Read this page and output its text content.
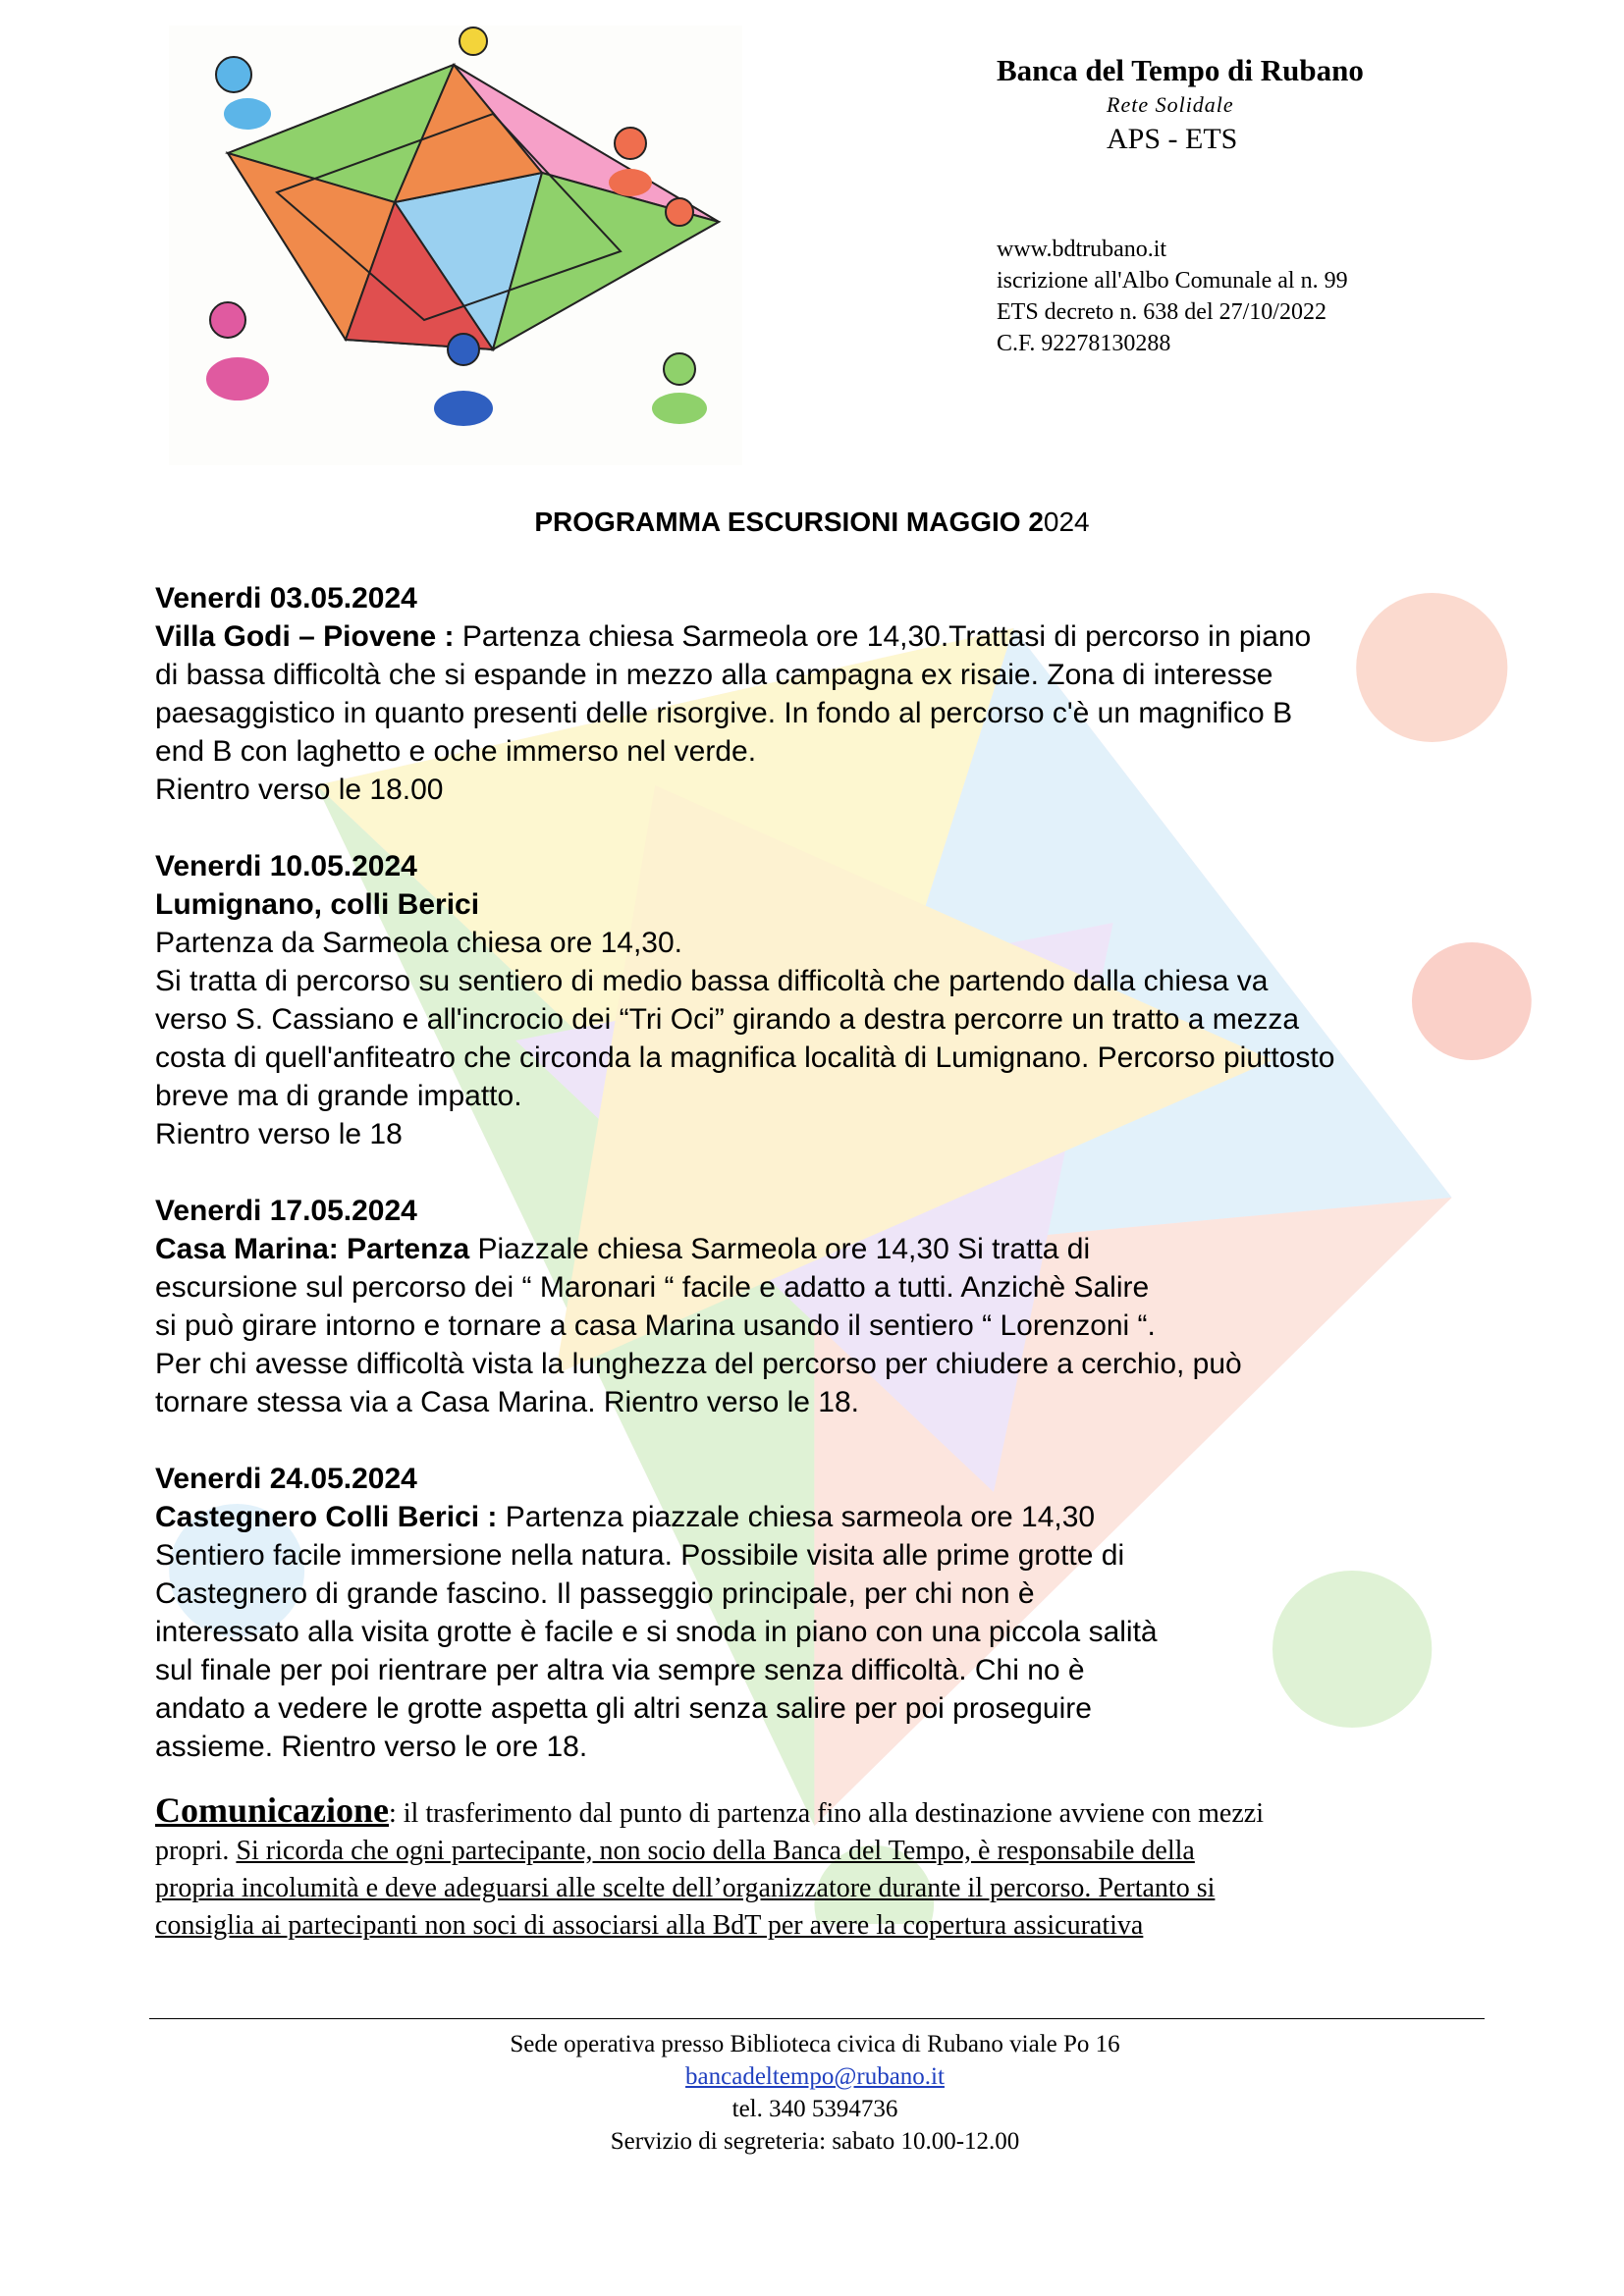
Banca del Tempo di Rubano
Rete Solidale
APS - ETS
www.bdtrubano.it
iscrizione all'Albo Comunale al n. 99
ETS decreto n. 638 del 27/10/2022
C.F. 92278130288
PROGRAMMA ESCURSIONI MAGGIO 2024
Venerdi 03.05.2024
Villa Godi – Piovene : Partenza chiesa Sarmeola ore 14,30.Trattasi di percorso in piano
di bassa difficoltà che si espande in mezzo alla campagna ex risaie. Zona di interesse
paesaggistico in quanto presenti delle risorgive. In fondo al percorso c'è un magnifico B
end B con laghetto e oche immerso nel verde.
Rientro verso le 18.00
Venerdi 10.05.2024
Lumignano, colli Berici
Partenza da Sarmeola chiesa ore 14,30.
Si tratta di percorso su sentiero di medio bassa difficoltà che partendo dalla chiesa va
verso S. Cassiano e all'incrocio dei “Tri Oci” girando a destra percorre un tratto a mezza
costa di quell'anfiteatro che circonda la magnifica località di Lumignano. Percorso piuttosto
breve ma di grande impatto.
Rientro verso le 18
Venerdi 17.05.2024
Casa Marina: Partenza Piazzale chiesa Sarmeola ore 14,30 Si tratta di
escursione sul percorso dei “ Maronari “ facile e adatto a tutti. Anzichè Salire
si può girare intorno e tornare a casa Marina usando il sentiero “ Lorenzoni “.
Per chi avesse difficoltà vista la lunghezza del percorso per chiudere a cerchio, può
tornare stessa via a Casa Marina. Rientro verso le 18.
Venerdi 24.05.2024
Castegnero Colli Berici : Partenza piazzale chiesa sarmeola ore 14,30
Sentiero facile immersione nella natura. Possibile visita alle prime grotte di
Castegnero di grande fascino. Il passeggio principale, per chi non è
interessato alla visita grotte è facile e si snoda in piano con una piccola salità
sul finale per poi rientrare per altra via sempre senza difficoltà. Chi no è
andato a vedere le grotte aspetta gli altri senza salire per poi proseguire
assieme. Rientro verso le ore 18.
Comunicazione: il trasferimento dal punto di partenza fino alla destinazione avviene con mezzi
propri. Si ricorda che ogni partecipante, non socio della Banca del Tempo, è responsabile della
propria incolumità e deve adeguarsi alle scelte dell’organizzatore durante il percorso. Pertanto si
consiglia ai partecipanti non soci di associarsi alla BdT per avere la copertura assicurativa
Sede operativa presso Biblioteca civica di Rubano viale Po 16
bancadeltempo@rubano.it
tel. 340 5394736
Servizio di segreteria: sabato 10.00-12.00
